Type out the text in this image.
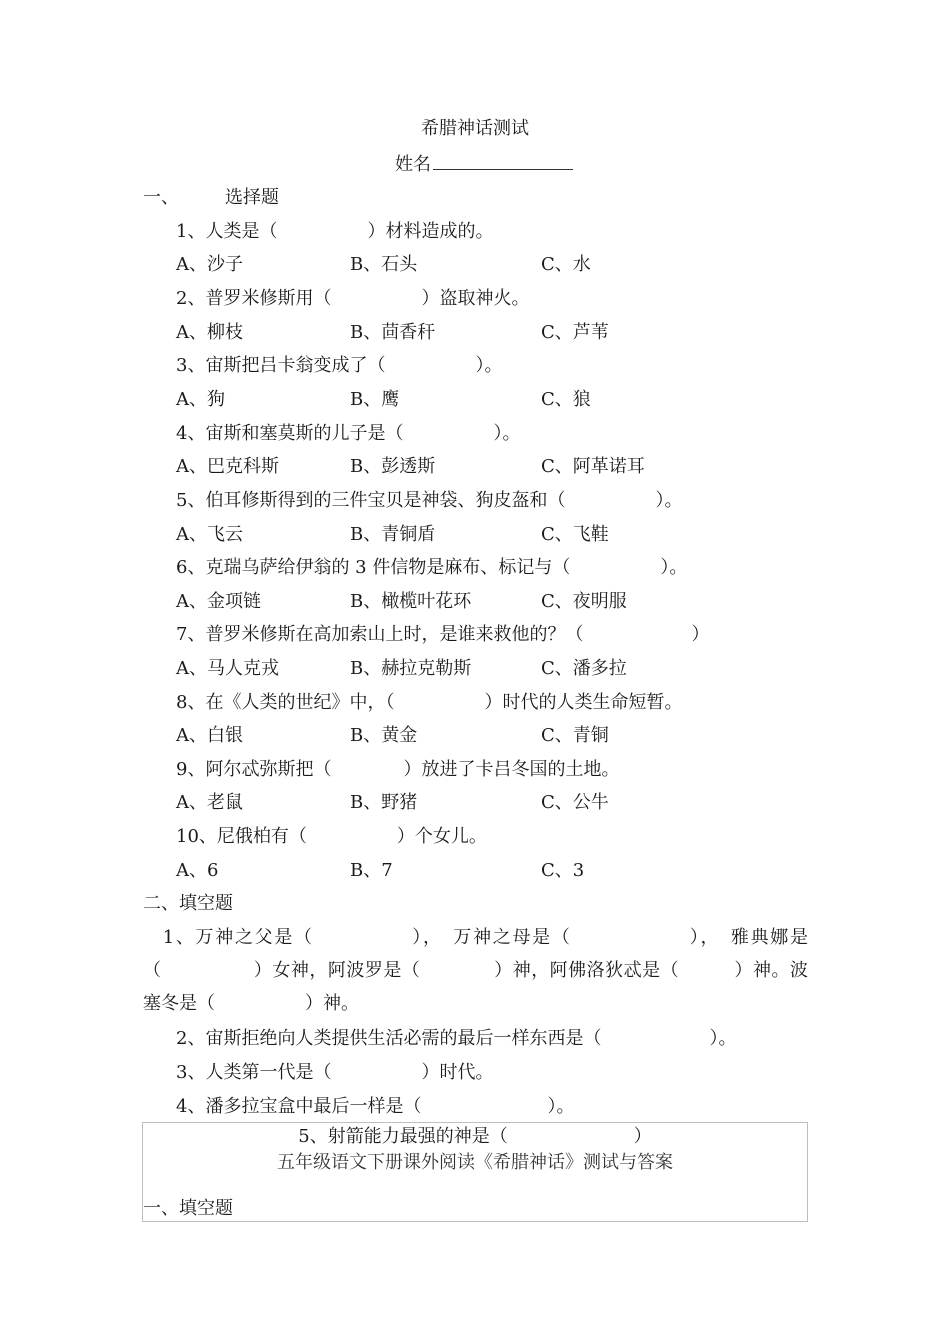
希腊神话测试
姓名
一、	选择题
1、人类是（　　　　　）材料造成的。
A、沙子	B、石头	C、水
2、普罗米修斯用（　　　　　）盗取神火。
A、柳枝	B、茴香秆	C、芦苇
3、宙斯把吕卡翁变成了（　　　　　）。
A、狗	B、鹰	C、狼
4、宙斯和塞莫斯的儿子是（　　　　　）。
A、巴克科斯	B、彭透斯	C、阿革诺耳
5、伯耳修斯得到的三件宝贝是神袋、狗皮盔和（　　　　　）。
A、飞云	B、青铜盾	C、飞鞋
6、克瑞乌萨给伊翁的 3 件信物是麻布、标记与（　　　　　）。
A、金项链	B、橄榄叶花环	C、夜明服
7、普罗米修斯在高加索山上时，是谁来救他的？（　　　　　　）
A、马人克戎	B、赫拉克勒斯	C、潘多拉
8、在《人类的世纪》中，（　　　　　）时代的人类生命短暂。
A、白银	B、黄金	C、青铜
9、阿尔忒弥斯把（　　　　）放进了卡吕冬国的土地。
A、老鼠	B、野猪	C、公牛
10、尼俄柏有（　　　　　）个女儿。
A、6	B、7	C、3
二、填空题
　1、万神之父是（　　　　　），　万神之母是（　　　　　　），　雅典娜是（　　　　　）女神，阿波罗是（　　　　）神，阿佛洛狄忒是（　　　）神。波塞冬是（　　　　　）神。
2、宙斯拒绝向人类提供生活必需的最后一样东西是（　　　　　　）。
3、人类第一代是（　　　　　）时代。
4、潘多拉宝盒中最后一样是（　　　　　　　）。
5、射箭能力最强的神是（　　　　　　　）
五年级语文下册课外阅读《希腊神话》测试与答案
一、填空题
